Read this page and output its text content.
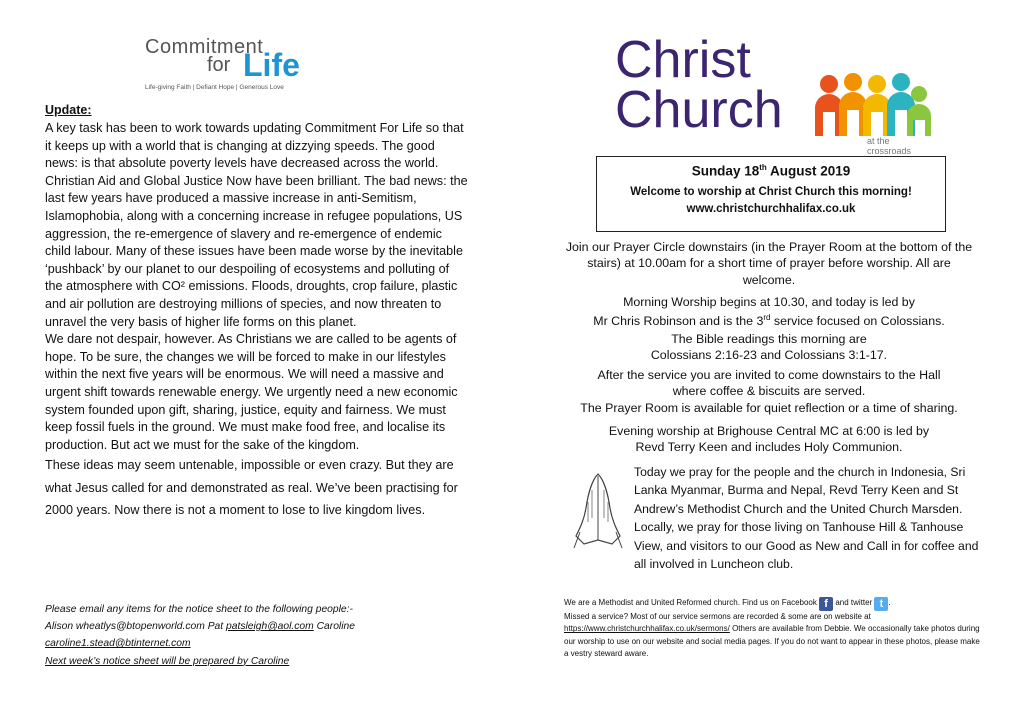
Commitment
for Life
Life-giving Faith | Defiant Hope | Generous Love
Update:

A key task has been to work towards updating Commitment For Life so that it keeps up with a world that is changing at dizzying speeds. The good news: is that absolute poverty levels have decreased across the world. Christian Aid and Global Justice Now have been brilliant. The bad news: the last few years have produced a massive increase in anti-Semitism, Islamophobia, along with a concerning increase in refugee populations, US aggression, the re-emergence of slavery and re-emergence of endemic child labour. Many of these issues have been made worse by the inevitable ‘pushback’ by our planet to our despoiling of ecosystems and polluting of the atmosphere with CO² emissions. Floods, droughts, crop failure, plastic and air pollution are destroying millions of species, and now threaten to unravel the very basis of higher life forms on this planet.

We dare not despair, however. As Christians we are called to be agents of hope. To be sure, the changes we will be forced to make in our lifestyles within the next five years will be enormous. We will need a massive and urgent shift towards renewable energy. We urgently need a new economic system founded upon gift, sharing, justice, equity and fairness. We must keep fossil fuels in the ground. We must make food free, and localise its production. But act we must for the sake of the kingdom.

These ideas may seem untenable, impossible or even crazy. But they are what Jesus called for and demonstrated as real. We’ve been practising for 2000 years. Now there is not a moment to lose to live kingdom lives.

Please email any items for the notice sheet to the following people:-

Alison wheatlys@btopenworld.com Pat patsleigh@aol.com Caroline

caroline1.stead@btinternet.com

Next week’s notice sheet will be prepared by Caroline

Christ
Church
at the crossroads
Sunday 18th August 2019
Welcome to worship at Christ Church this morning!
www.christchurchhalifax.co.uk

Join our Prayer Circle downstairs (in the Prayer Room at the bottom of the stairs) at 10.00am for a short time of prayer before worship. All are welcome.

Morning Worship begins at 10.30, and today is led by

Mr Chris Robinson and is the 3rd service focused on Colossians.

The Bible readings this morning are

Colossians 2:16-23 and Colossians 3:1-17.

After the service you are invited to come downstairs to the Hall

where coffee & biscuits are served.

The Prayer Room is available for quiet reflection or a time of sharing.

Evening worship at Brighouse Central MC at 6:00 is led by

Revd Terry Keen and includes Holy Communion.

Today we pray for the people and the church in Indonesia, Sri Lanka Myanmar, Burma and Nepal, Revd Terry Keen and St Andrew’s Methodist Church and the United Church Marsden. Locally, we pray for those living on Tanhouse Hill & Tanhouse View, and visitors to our Good as New and Call in for coffee and all involved in Luncheon club.

We are a Methodist and United Reformed church. Find us on Facebook f and twitter t .

Missed a service? Most of our service sermons are recorded & some are on website at

https://www.christchurchhalifax.co.uk/sermons/ Others are available from Debbie. We occasionally take photos during our worship to use on our website and social media pages. If you do not want to appear in these photos, please make a vestry steward aware.
